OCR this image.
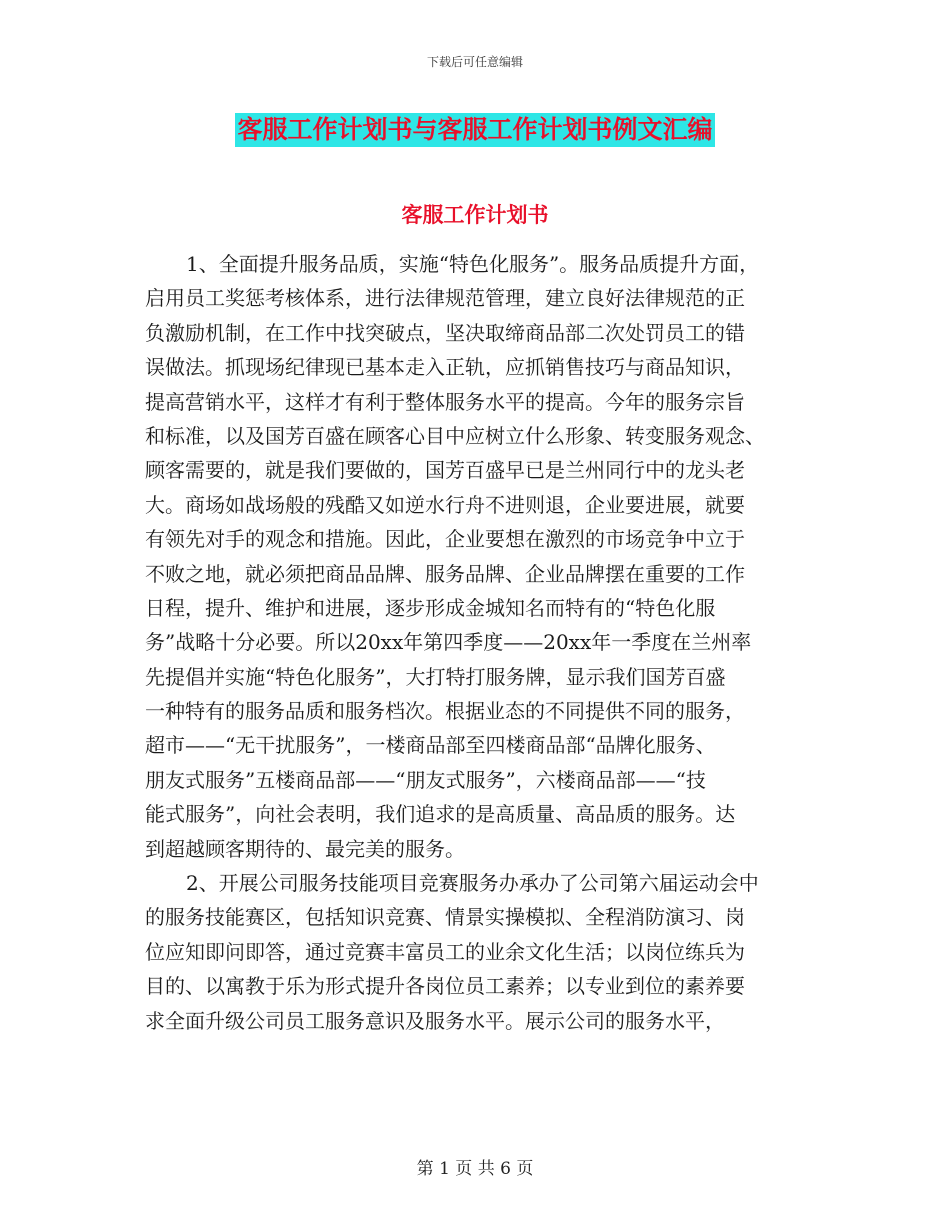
下载后可任意编辑
客服工作计划书与客服工作计划书例文汇编
客服工作计划书
1、全面提升服务品质，实施“特色化服务”。服务品质提升方面，
启用员工奖惩考核体系，进行法律规范管理，建立良好法律规范的正
负激励机制，在工作中找突破点，坚决取缔商品部二次处罚员工的错
误做法。抓现场纪律现已基本走入正轨，应抓销售技巧与商品知识，
提高营销水平，这样才有利于整体服务水平的提高。今年的服务宗旨
和标准，以及国芳百盛在顾客心目中应树立什么形象、转变服务观念、
顾客需要的，就是我们要做的，国芳百盛早已是兰州同行中的龙头老
大。商场如战场般的残酷又如逆水行舟不进则退，企业要进展，就要
有领先对手的观念和措施。因此，企业要想在激烈的市场竞争中立于
不败之地，就必须把商品品牌、服务品牌、企业品牌摆在重要的工作
日程，提升、维护和进展，逐步形成金城知名而特有的“特色化服
务”战略十分必要。所以20xx年第四季度——20xx年一季度在兰州率
先提倡并实施“特色化服务”，大打特打服务牌，显示我们国芳百盛
一种特有的服务品质和服务档次。根据业态的不同提供不同的服务，
超市——“无干扰服务”，一楼商品部至四楼商品部“品牌化服务、
朋友式服务”五楼商品部——“朋友式服务”，六楼商品部——“技
能式服务”，向社会表明，我们追求的是高质量、高品质的服务。达
到超越顾客期待的、最完美的服务。
2、开展公司服务技能项目竞赛服务办承办了公司第六届运动会中
的服务技能赛区，包括知识竞赛、情景实操模拟、全程消防演习、岗
位应知即问即答，通过竞赛丰富员工的业余文化生活；以岗位练兵为
目的、以寓教于乐为形式提升各岗位员工素养；以专业到位的素养要
求全面升级公司员工服务意识及服务水平。展示公司的服务水平，
第 1 页 共 6 页
